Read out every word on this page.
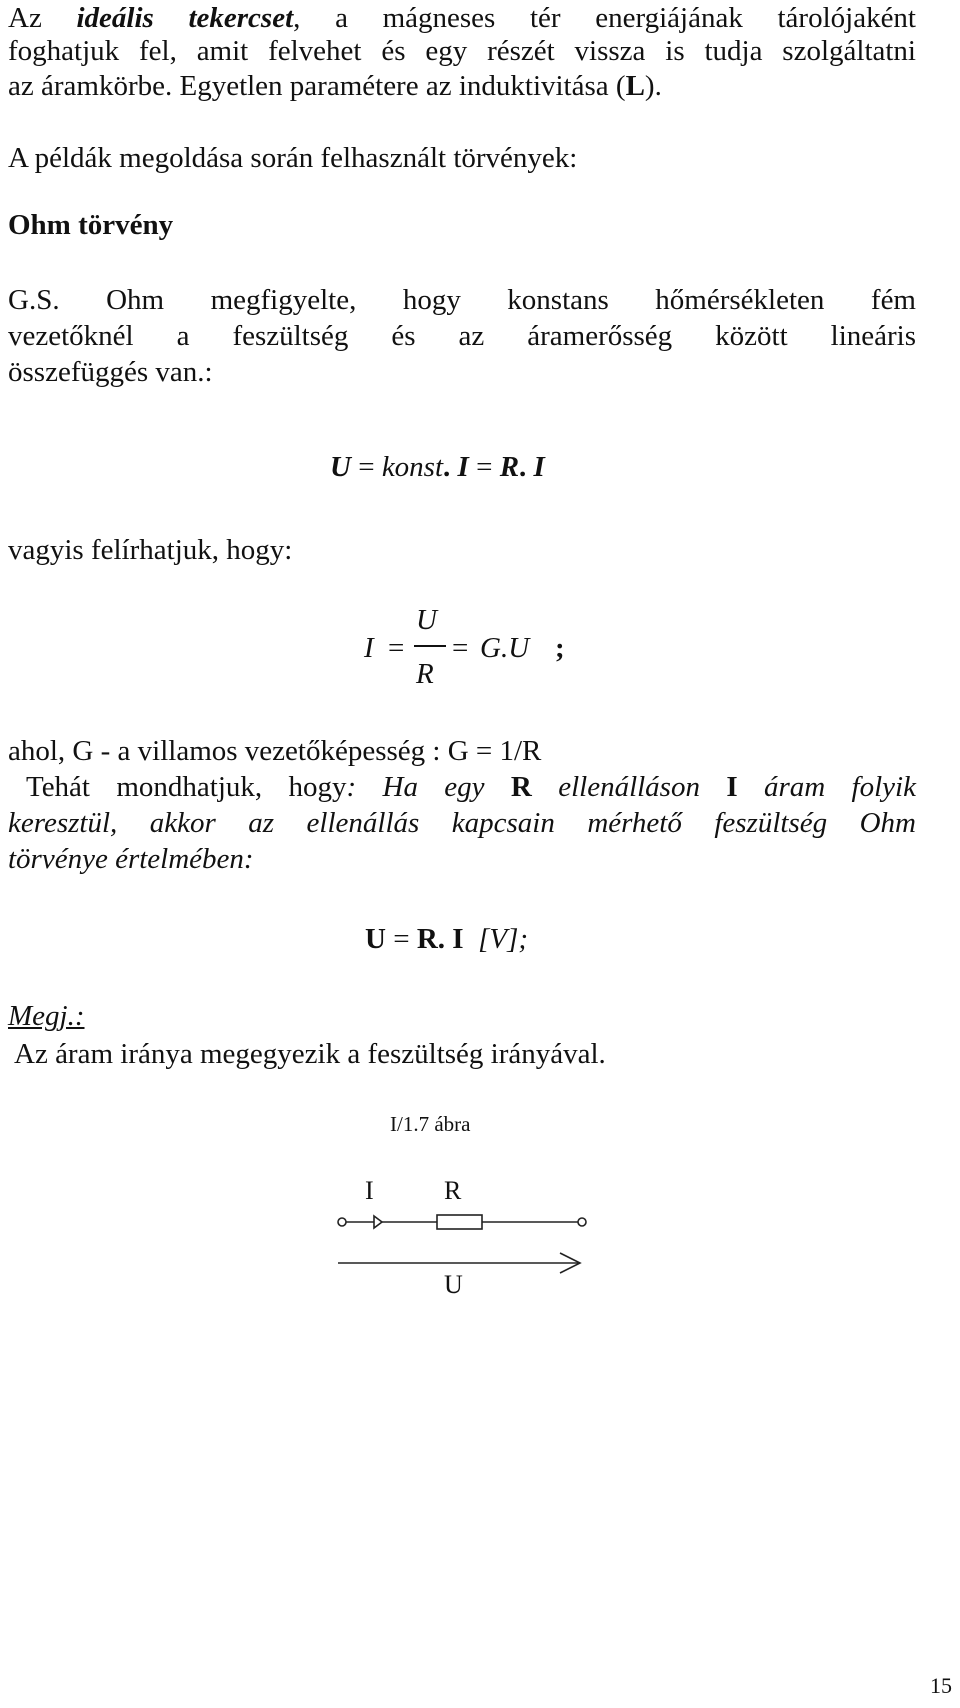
Az ideális tekercset, a mágneses tér energiájának tárolójaként
foghatjuk fel, amit felvehet és egy részét vissza is tudja szolgáltatni
az áramkörbe. Egyetlen paramétere az induktivitása (L).
A példák megoldása során felhasznált törvények:
Ohm törvény
G.S. Ohm megfigyelte, hogy konstans hőmérsékleten fém
vezetőknél a feszültség és az áramerősség között lineáris
összefüggés van.:
U = konst. I = R. I
vagyis felírhatjuk, hogy:
I =
U
R
= G.U ;
ahol, G - a villamos vezetőképesség : G = 1/R
Tehát mondhatjuk, hogy: Ha egy R ellenálláson I áram folyik
keresztül, akkor az ellenállás kapcsain mérhető feszültség Ohm
törvénye értelmében:
U = R. I [V];
Megj.:
Az áram iránya megegyezik a feszültség irányával.
I/1.7 ábra
I	R
U
15
